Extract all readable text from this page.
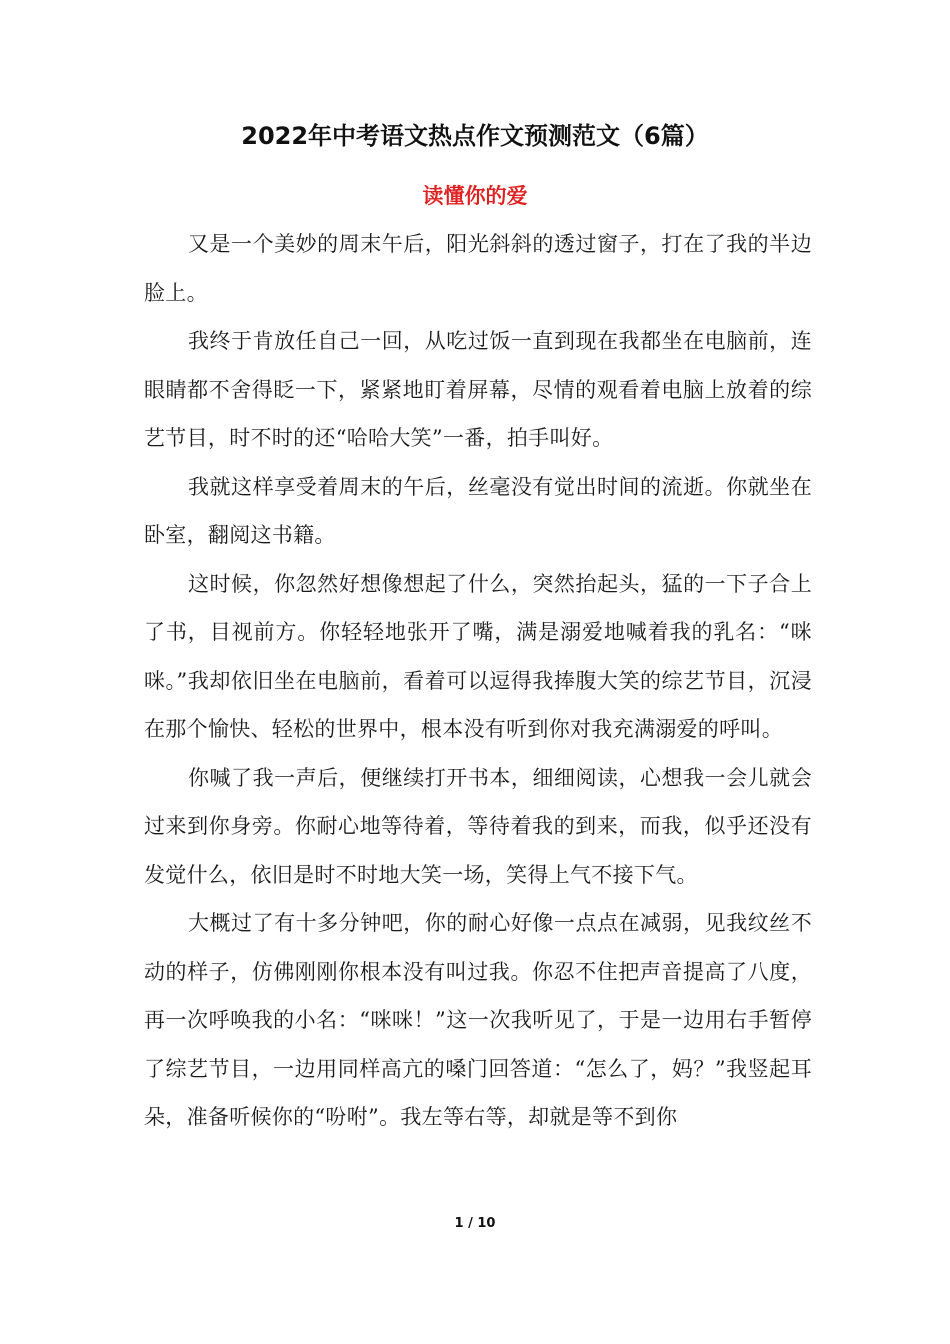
2022年中考语文热点作文预测范文（6篇）
读懂你的爱

又是一个美妙的周末午后，阳光斜斜的透过窗子，打在了我的半边脸上。

我终于肯放任自己一回，从吃过饭一直到现在我都坐在电脑前，连眼睛都不舍得眨一下，紧紧地盯着屏幕，尽情的观看着电脑上放着的综艺节目，时不时的还“哈哈大笑”一番，拍手叫好。

我就这样享受着周末的午后，丝毫没有觉出时间的流逝。你就坐在卧室，翻阅这书籍。

这时候，你忽然好想像想起了什么，突然抬起头，猛的一下子合上了书，目视前方。你轻轻地张开了嘴，满是溺爱地喊着我的乳名：“咪咪。”我却依旧坐在电脑前，看着可以逗得我捧腹大笑的综艺节目，沉浸在那个愉快、轻松的世界中，根本没有听到你对我充满溺爱的呼叫。

你喊了我一声后，便继续打开书本，细细阅读，心想我一会儿就会过来到你身旁。你耐心地等待着，等待着我的到来，而我，似乎还没有发觉什么，依旧是时不时地大笑一场，笑得上气不接下气。

大概过了有十多分钟吧，你的耐心好像一点点在减弱，见我纹丝不动的样子，仿佛刚刚你根本没有叫过我。你忍不住把声音提高了八度，再一次呼唤我的小名：“咪咪！”这一次我听见了，于是一边用右手暂停了综艺节目，一边用同样高亢的嗓门回答道：“怎么了，妈？”我竖起耳朵，准备听候你的“吩咐”。我左等右等，却就是等不到你

1 / 10
